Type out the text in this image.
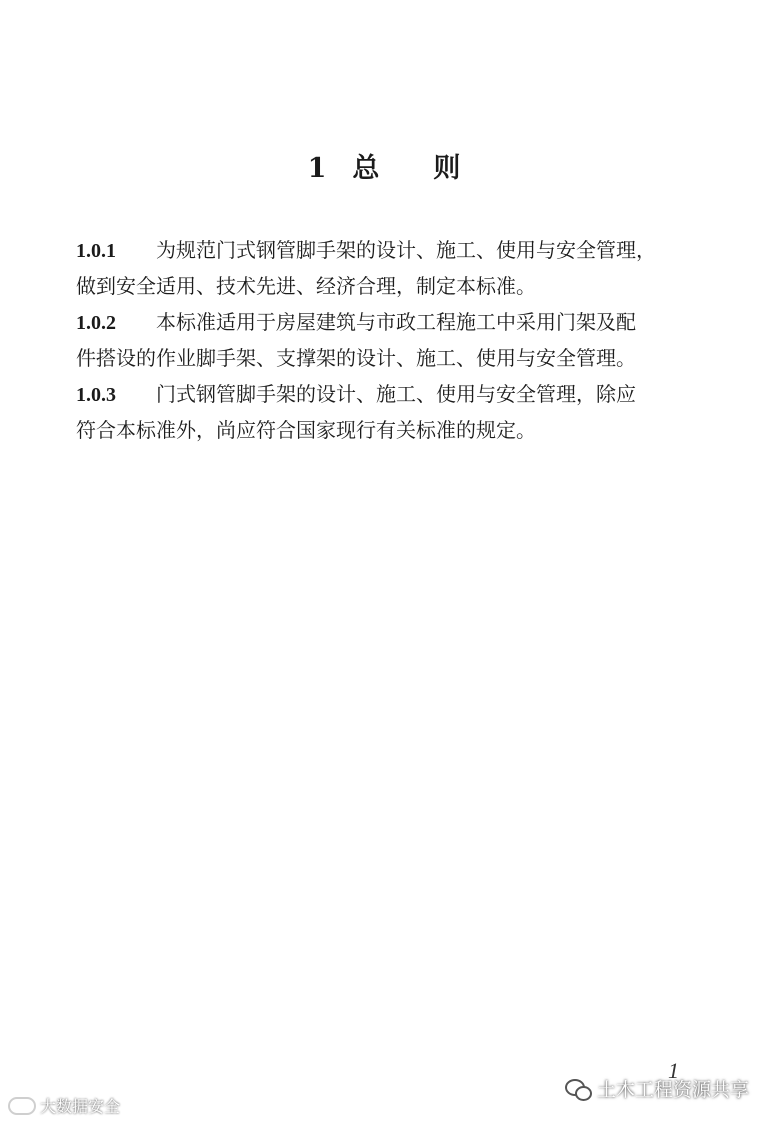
1 总 则
1.0.1 为规范门式钢管脚手架的设计、施工、使用与安全管理，
做到安全适用、技术先进、经济合理，制定本标准。
1.0.2 本标准适用于房屋建筑与市政工程施工中采用门架及配
件搭设的作业脚手架、支撑架的设计、施工、使用与安全管理。
1.0.3 门式钢管脚手架的设计、施工、使用与安全管理，除应
符合本标准外，尚应符合国家现行有关标准的规定。
1
土木工程资源共享
大数据安全
